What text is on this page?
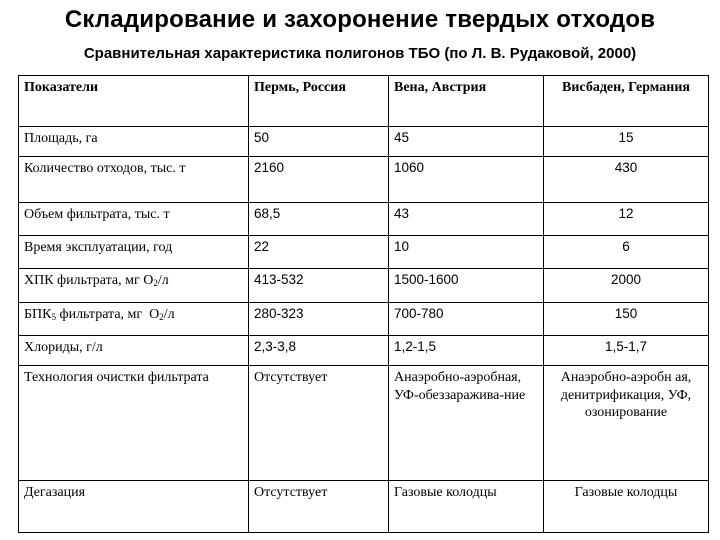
Складирование и захоронение твердых отходов
Сравнительная характеристика полигонов ТБО (по Л. В. Рудаковой, 2000)
Показатели	Пермь, Россия	Вена, Австрия	Висбаден, Германия
Площадь, га	50	45	15
Количество отходов, тыс. т	2160	1060	430
Объем фильтрата, тыс. т	68,5	43	12
Время эксплуатации, год	22	10	6
ХПК фильтрата, мг $О_2/л$	413-532	1500-1600	2000
$БПК_5$ фильтрата, мг  $О_2/л$	280-323	700-780	150
Хлориды, г/л	2,3-3,8	1,2-1,5	1,5-1,7
Технология очистки фильтрата	Отсутствует	Анаэробно-аэробная, УФ-обеззаражива-ние	Анаэробно-аэробн ая, денитрификация, УФ, озонирование
Дегазация	Отсутствует	Газовые колодцы	Газовые колодцы
